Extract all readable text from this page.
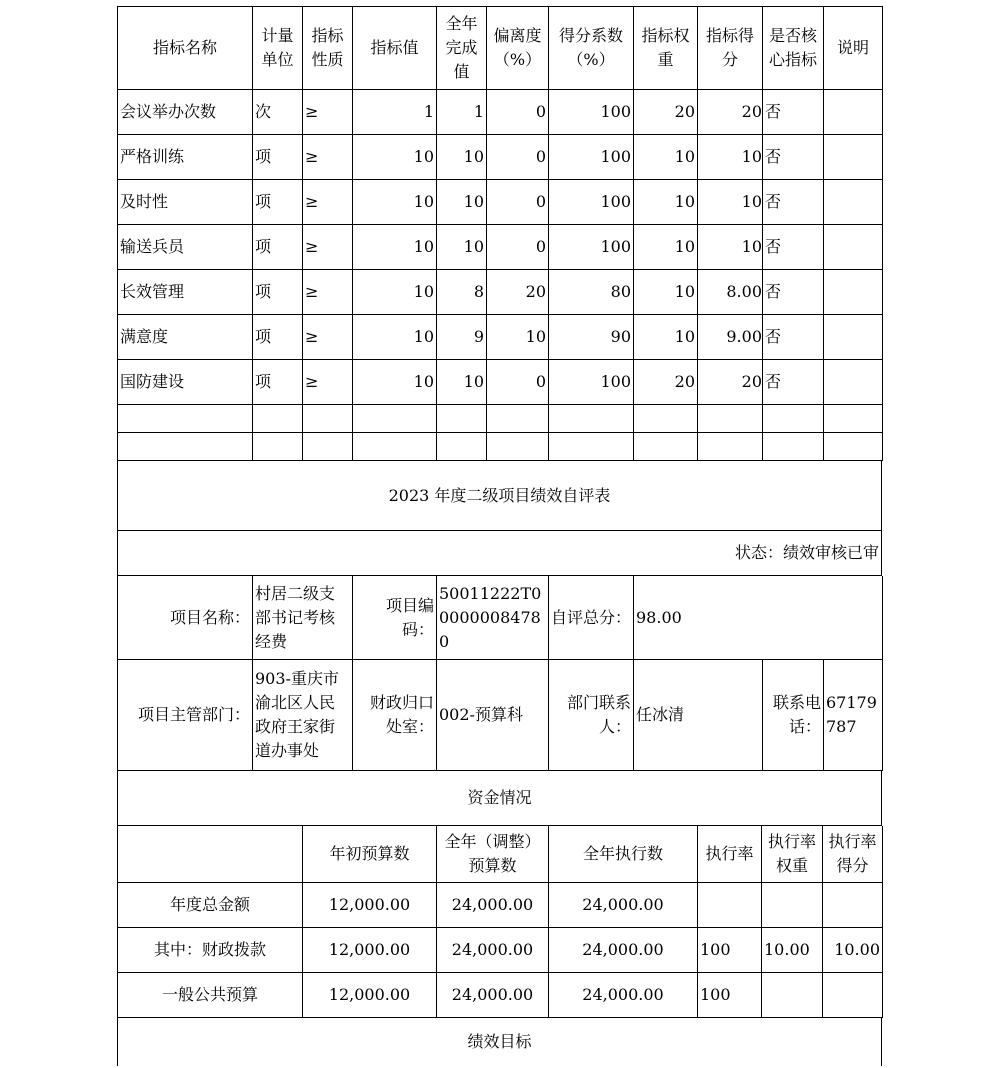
指标名称	计量单位	指标性质	指标值	全年完成值	偏离度（%）	得分系数（%）	指标权重	指标得分	是否核心指标	说明
会议举办次数	次	≥	1	1	0	100	20	20	否	
严格训练	项	≥	10	10	0	100	10	10	否	
及时性	项	≥	10	10	0	100	10	10	否	
输送兵员	项	≥	10	10	0	100	10	10	否	
长效管理	项	≥	10	8	20	80	10	8.00	否	
满意度	项	≥	10	9	10	90	10	9.00	否	
国防建设	项	≥	10	10	0	100	20	20	否	

2023 年度二级项目绩效自评表
状态：绩效审核已审
项目名称：	村居二级支部书记考核经费	项目编码：	50011222T000000084780	自评总分：	98.00		
项目主管部门：	903-重庆市渝北区人民政府王家街道办事处	财政归口处室：	002-预算科	部门联系人：	任冰清	联系电话：	67179787
资金情况
	年初预算数	全年（调整）预算数	全年执行数	执行率	执行率权重	执行率得分
年度总金额	12,000.00	24,000.00	24,000.00			
其中：财政拨款	12,000.00	24,000.00	24,000.00	100	10.00	10.00
一般公共预算	12,000.00	24,000.00	24,000.00	100		
绩效目标
